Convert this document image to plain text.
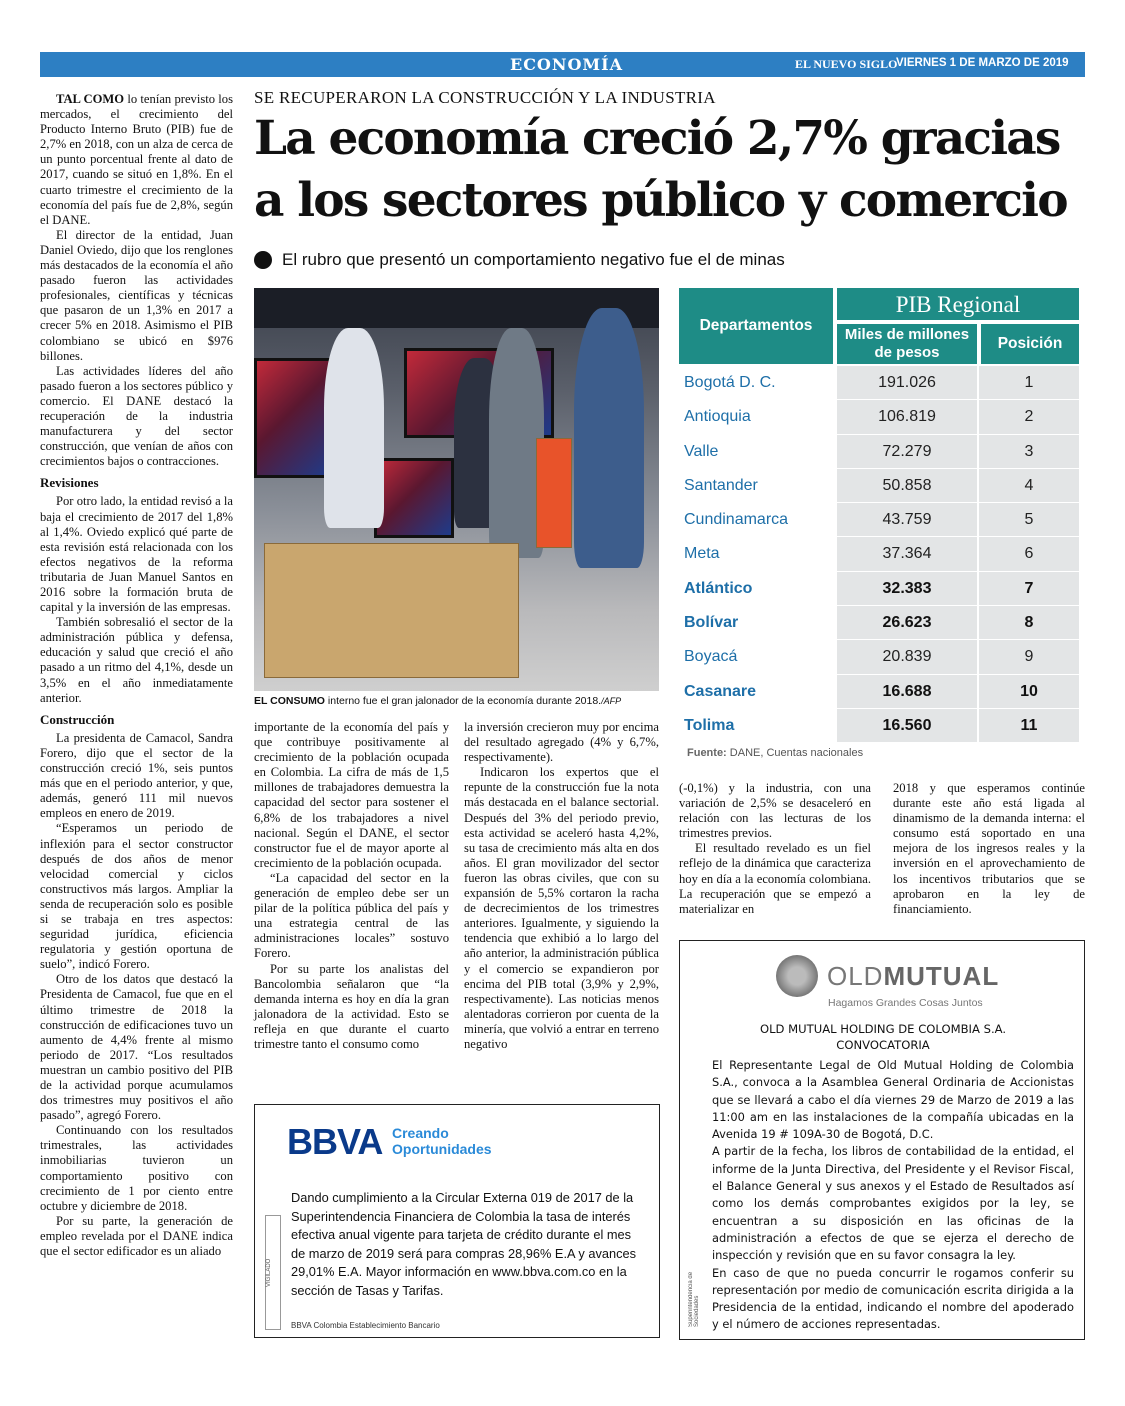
ECONOMÍA	EL NUEVO SIGLO
VIERNES 1 DE MARZO DE 2019 7B
SE RECUPERARON LA CONSTRUCCIÓN Y LA INDUSTRIA
La economía creció 2,7% gracias a los sectores público y comercio
El rubro que presentó un comportamiento negativo fue el de minas

TAL COMO lo tenían previsto los mercados, el crecimiento del Producto Interno Bruto (PIB) fue de 2,7% en 2018, con un alza de cerca de un punto porcentual frente al dato de 2017, cuando se situó en 1,8%. En el cuarto trimestre el crecimiento de la economía del país fue de 2,8%, según el DANE.

El director de la entidad, Juan Daniel Oviedo, dijo que los renglones más destacados de la economía el año pasado fueron las actividades profesionales, científicas y técnicas que pasaron de un 1,3% en 2017 a crecer 5% en 2018. Asimismo el PIB colombiano se ubicó en $976 billones.

Las actividades líderes del año pasado fueron a los sectores público y comercio. El DANE destacó la recuperación de la industria manufacturera y del sector construcción, que venían de años con crecimientos bajos o contracciones.

Revisiones

Por otro lado, la entidad revisó a la baja el crecimiento de 2017 del 1,8% al 1,4%. Oviedo explicó qué parte de esta revisión está relacionada con los efectos negativos de la reforma tributaria de Juan Manuel Santos en 2016 sobre la formación bruta de capital y la inversión de las empresas.

También sobresalió el sector de la administración pública y defensa, educación y salud que creció el año pasado a un ritmo del 4,1%, desde un 3,5% en el año inmediatamente anterior.

Construcción

La presidenta de Camacol, Sandra Forero, dijo que el sector de la construcción creció 1%, seis puntos más que en el periodo anterior, y que, además, generó 111 mil nuevos empleos en enero de 2019.

“Esperamos un periodo de inflexión para el sector constructor después de dos años de menor velocidad comercial y ciclos constructivos más largos. Ampliar la senda de recuperación solo es posible si se trabaja en tres aspectos: seguridad jurídica, eficiencia regulatoria y gestión oportuna de suelo”, indicó Forero.

Otro de los datos que destacó la Presidenta de Camacol, fue que en el último trimestre de 2018 la construcción de edificaciones tuvo un aumento de 4,4% frente al mismo periodo de 2017. “Los resultados muestran un cambio positivo del PIB de la actividad porque acumulamos dos trimestres muy positivos el año pasado”, agregó Forero.

Continuando con los resultados trimestrales, las actividades inmobiliarias tuvieron un comportamiento positivo con crecimiento de 1 por ciento entre octubre y diciembre de 2018.

Por su parte, la generación de empleo revelada por el DANE indica que el sector edificador es un aliado

EL CONSUMO interno fue el gran jalonador de la economía durante 2018./AFP

importante de la economía del país y que contribuye positivamente al crecimiento de la población ocupada en Colombia. La cifra de más de 1,5 millones de trabajadores demuestra la capacidad del sector para sostener el 6,8% de los trabajadores a nivel nacional. Según el DANE, el sector constructor fue el de mayor aporte al crecimiento de la población ocupada.

“La capacidad del sector en la generación de empleo debe ser un pilar de la política pública del país y una estrategia central de las administraciones locales” sostuvo Forero.

Por su parte los analistas del Bancolombia señalaron que “la demanda interna es hoy en día la gran jalonadora de la actividad. Esto se refleja en que durante el cuarto trimestre tanto el consumo como

la inversión crecieron muy por encima del resultado agregado (4% y 6,7%, respectivamente).

Indicaron los expertos que el repunte de la construcción fue la nota más destacada en el balance sectorial. Después del 3% del periodo previo, esta actividad se aceleró hasta 4,2%, su tasa de crecimiento más alta en dos años. El gran movilizador del sector fueron las obras civiles, que con su expansión de 5,5% cortaron la racha de decrecimientos de los trimestres anteriores. Igualmente, y siguiendo la tendencia que exhibió a lo largo del año anterior, la administración pública y el comercio se expandieron por encima del PIB total (3,9% y 2,9%, respectivamente). Las noticias menos alentadoras corrieron por cuenta de la minería, que volvió a entrar en terreno negativo

Departamentos
PIB Regional
Miles de millones de pesos
Posición
Bogotá D. C.	191.026	1
Antioquia	106.819	2
Valle	72.279	3
Santander	50.858	4
Cundinamarca	43.759	5
Meta	37.364	6
Atlántico	32.383	7
Bolívar	26.623	8
Boyacá	20.839	9
Casanare	16.688	10
Tolima	16.560	11
Fuente: DANE, Cuentas nacionales

(-0,1%) y la industria, con una variación de 2,5% se desaceleró en relación con las lecturas de los trimestres previos.

El resultado revelado es un fiel reflejo de la dinámica que caracteriza hoy en día a la economía colombiana. La recuperación que se empezó a materializar en

2018 y que esperamos continúe durante este año está ligada al dinamismo de la demanda interna: el consumo está soportado en una mejora de los ingresos reales y la inversión en el aprovechamiento de los incentivos tributarios que se aprobaron en la ley de financiamiento.

BBVA Creando
Oportunidades
Dando cumplimiento a la Circular Externa 019 de 2017 de la Superintendencia Financiera de Colombia la tasa de interés efectiva anual vigente para tarjeta de crédito durante el mes de marzo de 2019 será para compras 28,96% E.A y avances 29,01% E.A. Mayor información en www.bbva.com.co en la sección de Tasas y Tarifas.
VIGILADO
BBVA Colombia Establecimiento Bancario
OLDMUTUAL
Hagamos Grandes Cosas Juntos
OLD MUTUAL HOLDING DE COLOMBIA S.A.
CONVOCATORIA

El Representante Legal de Old Mutual Holding de Colombia S.A., convoca a la Asamblea General Ordinaria de Accionistas que se llevará a cabo el día viernes 29 de Marzo de 2019 a las 11:00 am en las instalaciones de la compañía ubicadas en la Avenida 19 # 109A-30 de Bogotá, D.C.

A partir de la fecha, los libros de contabilidad de la entidad, el informe de la Junta Directiva, del Presidente y el Revisor Fiscal, el Balance General y sus anexos y el Estado de Resultados así como los demás comprobantes exigidos por la ley, se encuentran a su disposición en las oficinas de la administración a efectos de que se ejerza el derecho de inspección y revisión que en su favor consagra la ley.

En caso de que no pueda concurrir le rogamos conferir su representación por medio de comunicación escrita dirigida a la Presidencia de la entidad, indicando el nombre del apoderado y el número de acciones representadas.

Superintendencia de Sociedades
